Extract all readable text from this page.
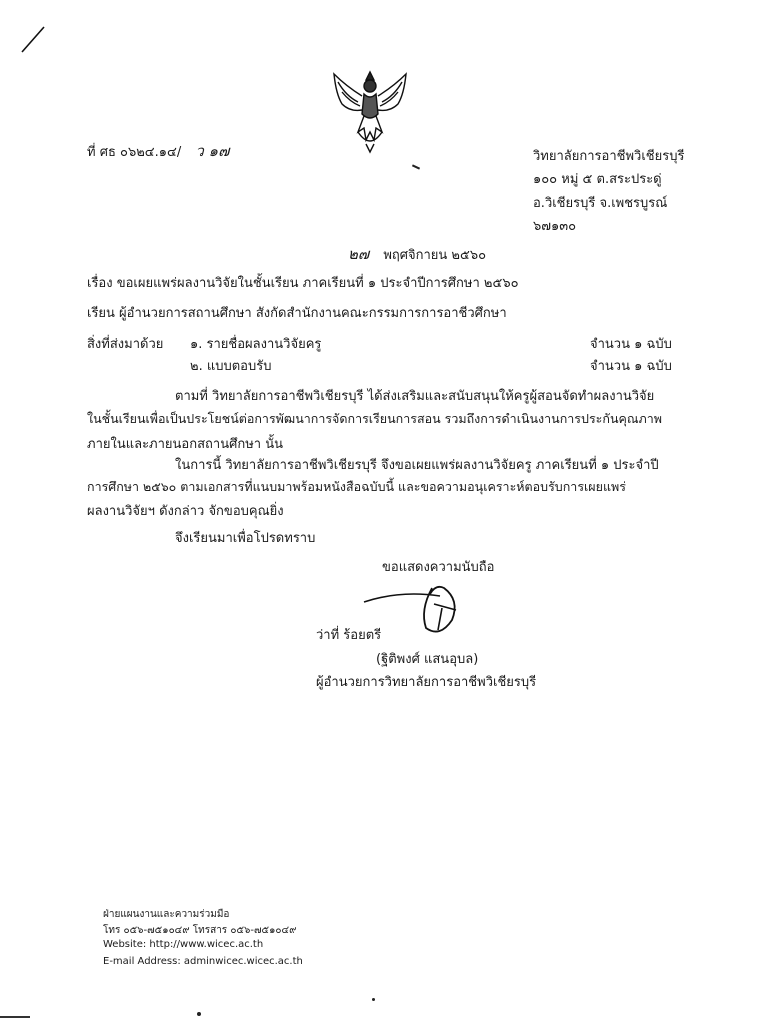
ที่ ศธ ๐๖๒๔.๑๔/ ว ๑๗	วิทยาลัยการอาชีพวิเชียรบุรี
๑๐๐ หมู่ ๕ ต.สระประดู่
อ.วิเชียรบุรี จ.เพชรบูรณ์
๖๗๑๓๐
๒๗ พฤศจิกายน ๒๕๖๐
เรื่อง ขอเผยแพร่ผลงานวิจัยในชั้นเรียน ภาคเรียนที่ ๑ ประจำปีการศึกษา ๒๕๖๐
เรียน ผู้อำนวยการสถานศึกษา สังกัดสำนักงานคณะกรรมการการอาชีวศึกษา
สิ่งที่ส่งมาด้วย ๑. รายชื่อผลงานวิจัยครู	จำนวน ๑ ฉบับ
๒. แบบตอบรับ	จำนวน ๑ ฉบับ
ตามที่ วิทยาลัยการอาชีพวิเชียรบุรี ได้ส่งเสริมและสนับสนุนให้ครูผู้สอนจัดทำผลงานวิจัย
ในชั้นเรียนเพื่อเป็นประโยชน์ต่อการพัฒนาการจัดการเรียนการสอน รวมถึงการดำเนินงานการประกันคุณภาพ
ภายในและภายนอกสถานศึกษา นั้น
ในการนี้ วิทยาลัยการอาชีพวิเชียรบุรี จึงขอเผยแพร่ผลงานวิจัยครู ภาคเรียนที่ ๑ ประจำปี
การศึกษา ๒๕๖๐ ตามเอกสารที่แนบมาพร้อมหนังสือฉบับนี้ และขอความอนุเคราะห์ตอบรับการเผยแพร่
ผลงานวิจัยฯ ดังกล่าว จักขอบคุณยิ่ง
จึงเรียนมาเพื่อโปรดทราบ
ขอแสดงความนับถือ
ว่าที่ ร้อยตรี
(ฐิติพงศ์ แสนอุบล)
ผู้อำนวยการวิทยาลัยการอาชีพวิเชียรบุรี
ฝ่ายแผนงานและความร่วมมือ
โทร ๐๕๖-๗๕๑๐๔๙ โทรสาร ๐๕๖-๗๕๑๐๔๙
Website: http://www.wicec.ac.th
E-mail Address: adminwicec.wicec.ac.th
